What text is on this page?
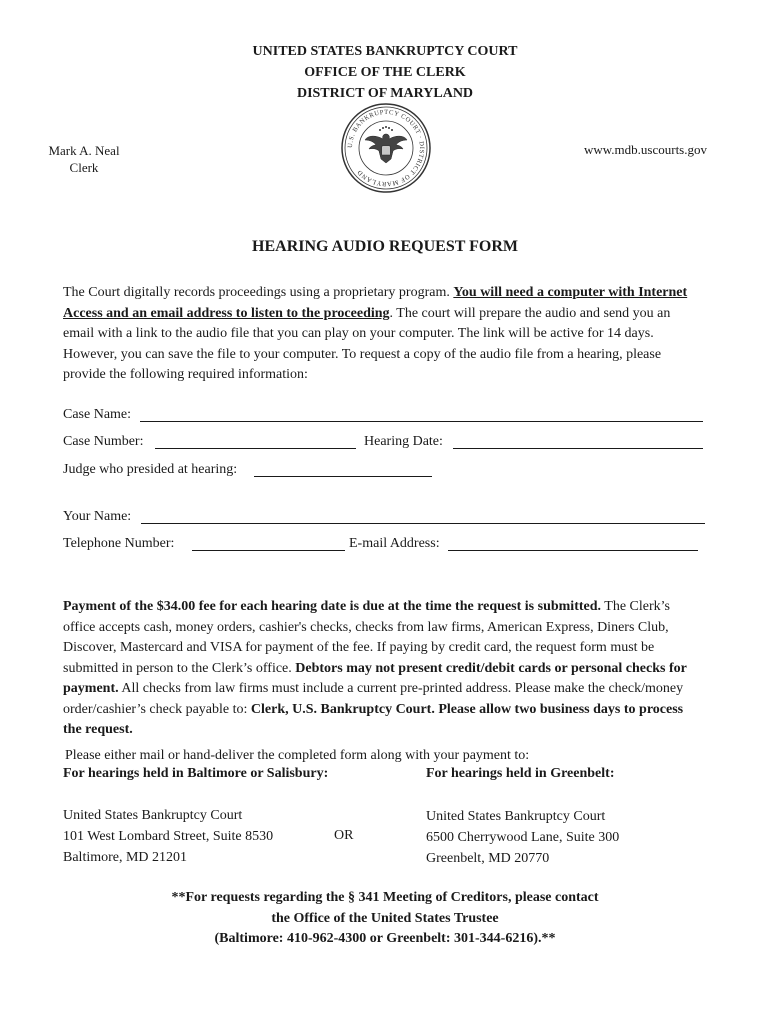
UNITED STATES BANKRUPTCY COURT
OFFICE OF THE CLERK
DISTRICT OF MARYLAND
Mark A. Neal
Clerk
www.mdb.uscourts.gov
U.S. BANKRUPTCY COURT · DISTRICT OF MARYLAND
HEARING AUDIO REQUEST FORM
The Court digitally records proceedings using a proprietary program. You will need a computer with Internet Access and an email address to listen to the proceeding. The court will prepare the audio and send you an email with a link to the audio file that you can play on your computer. The link will be active for 14 days. However, you can save the file to your computer. To request a copy of the audio file from a hearing, please provide the following required information:
Case Name:
Case Number:	Hearing Date:
Judge who presided at hearing:
Your Name:
Telephone Number:	E-mail Address:
Payment of the $34.00 fee for each hearing date is due at the time the request is submitted. The Clerk’s office accepts cash, money orders, cashier's checks, checks from law firms, American Express, Diners Club, Discover, Mastercard and VISA for payment of the fee. If paying by credit card, the request form must be submitted in person to the Clerk’s office. Debtors may not present credit/debit cards or personal checks for payment. All checks from law firms must include a current pre-printed address. Please make the check/money order/cashier’s check payable to: Clerk, U.S. Bankruptcy Court. Please allow two business days to process the request.
Please either mail or hand-deliver the completed form along with your payment to:
For hearings held in Baltimore or Salisbury:
United States Bankruptcy Court
101 West Lombard Street, Suite 8530
Baltimore, MD 21201
OR
For hearings held in Greenbelt:
United States Bankruptcy Court
6500 Cherrywood Lane, Suite 300
Greenbelt, MD 20770
**For requests regarding the § 341 Meeting of Creditors, please contact
the Office of the United States Trustee
(Baltimore: 410-962-4300 or Greenbelt: 301-344-6216).**
